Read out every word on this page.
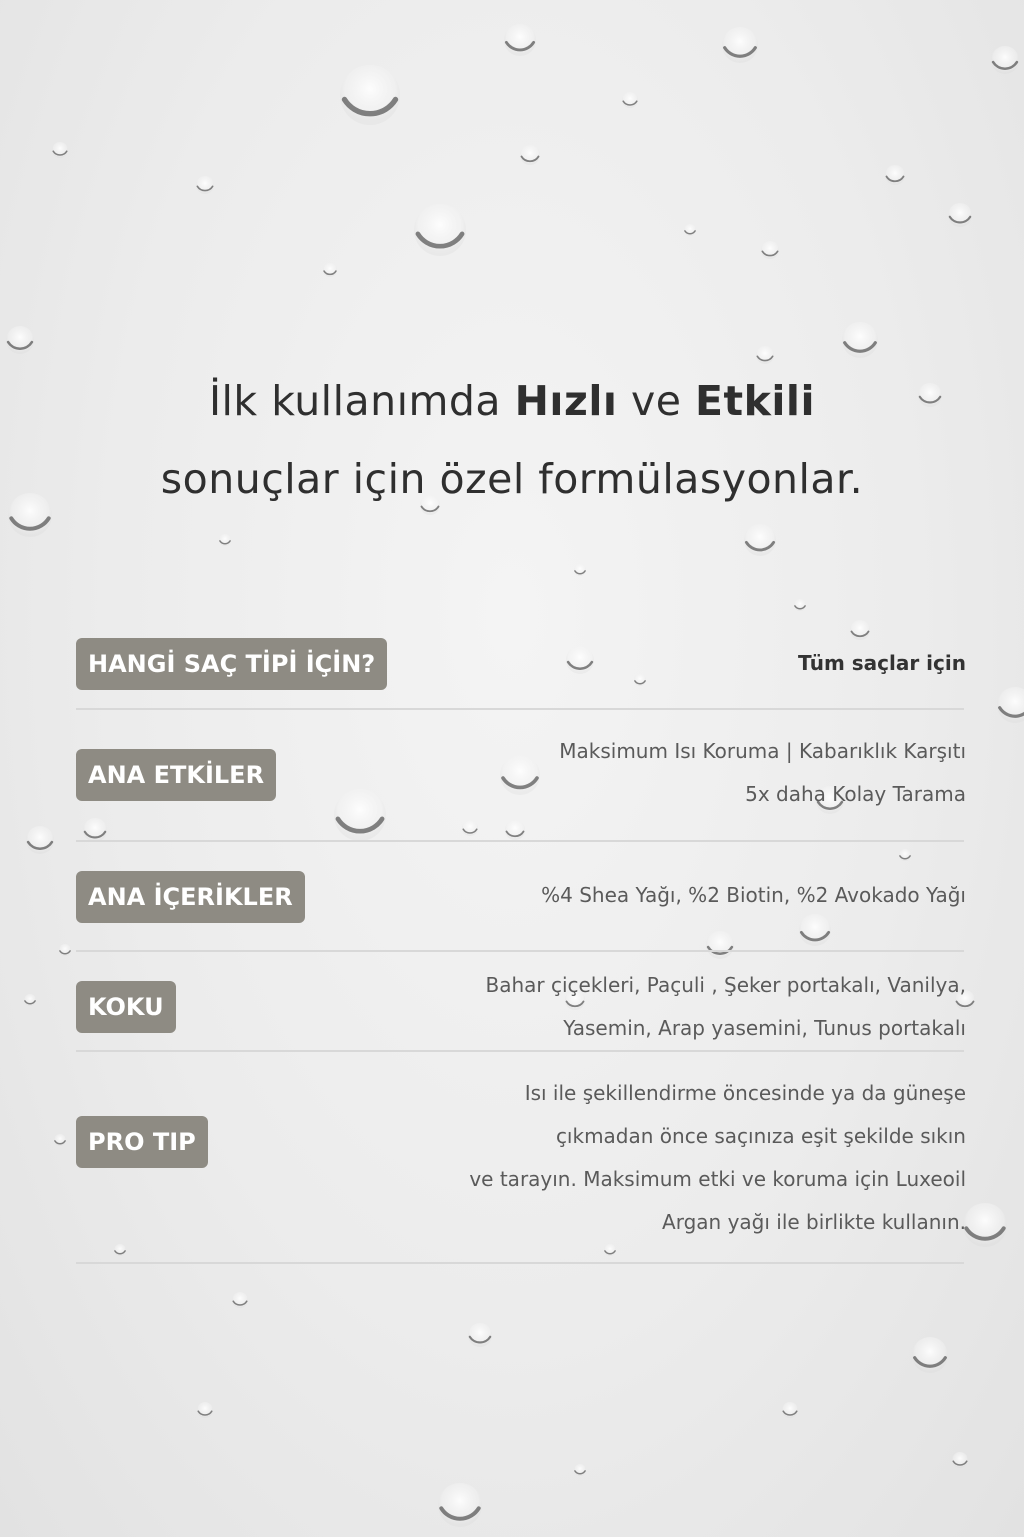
İlk kullanımda Hızlı ve Etkili
sonuçlar için özel formülasyonlar.
HANGİ SAÇ TİPİ İÇİN?	Tüm saçlar için
ANA ETKİLER
Maksimum Isı Koruma | Kabarıklık Karşıtı
5x daha Kolay Tarama
ANA İÇERİKLER	%4 Shea Yağı, %2 Biotin, %2 Avokado Yağı
KOKU
Bahar çiçekleri, Paçuli , Şeker portakalı, Vanilya,
Yasemin, Arap yasemini, Tunus portakalı
PRO TIP
Isı ile şekillendirme öncesinde ya da güneşe
çıkmadan önce saçınıza eşit şekilde sıkın
ve tarayın. Maksimum etki ve koruma için Luxeoil
Argan yağı ile birlikte kullanın.
